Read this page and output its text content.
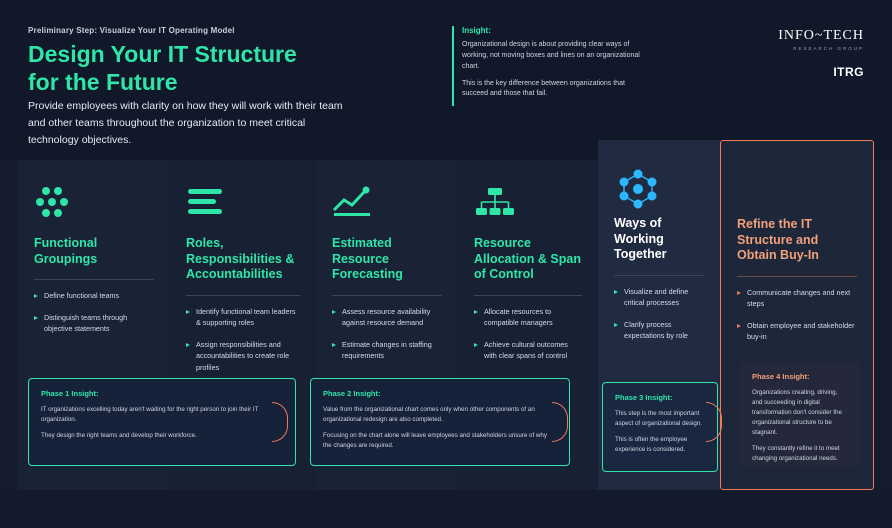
Preliminary Step: Visualize Your IT Operating Model
Design Your IT Structure
for the Future
Provide employees with clarity on how they will work with their team and other teams throughout the organization to meet critical technology objectives.
Insight:
Organizational design is about providing clear ways of working, not moving boxes and lines on an organizational chart.
This is the key difference between organizations that succeed and those that fail.
INFO~TECH
RESEARCH GROUP
ITRG
Functional Groupings
Define functional teams
Distinguish teams through objective statements
Roles, Responsibilities & Accountabilities
Identify functional team leaders & supporting roles
Assign responsibilities and accountabilities to create role profiles
Estimated Resource Forecasting
Assess resource availability against resource demand
Estimate changes in staffing requirements
Resource Allocation & Span of Control
Allocate resources to compatible managers
Achieve cultural outcomes with clear spans of control
Ways of Working Together
Visualize and define critical processes
Clarify process expectations by role
Refine the IT Structure and Obtain Buy-In
Communicate changes and next steps
Obtain employee and stakeholder buy-in
Phase 1 Insight:
IT organizations excelling today aren't waiting for the right person to join their IT organization.
They design the right teams and develop their workforce.
Phase 2 Insight:
Value from the organizational chart comes only when other components of an organizational redesign are also completed.
Focusing on the chart alone will leave employees and stakeholders unsure of why the changes are required.
Phase 3 Insight:
This step is the most important aspect of organizational design.
This is often the employee experience is considered.
Phase 4 Insight:
Organizations creating, driving, and succeeding in digital transformation don't consider the organizational structure to be stagnant.
They constantly refine it to meet changing organizational needs.
